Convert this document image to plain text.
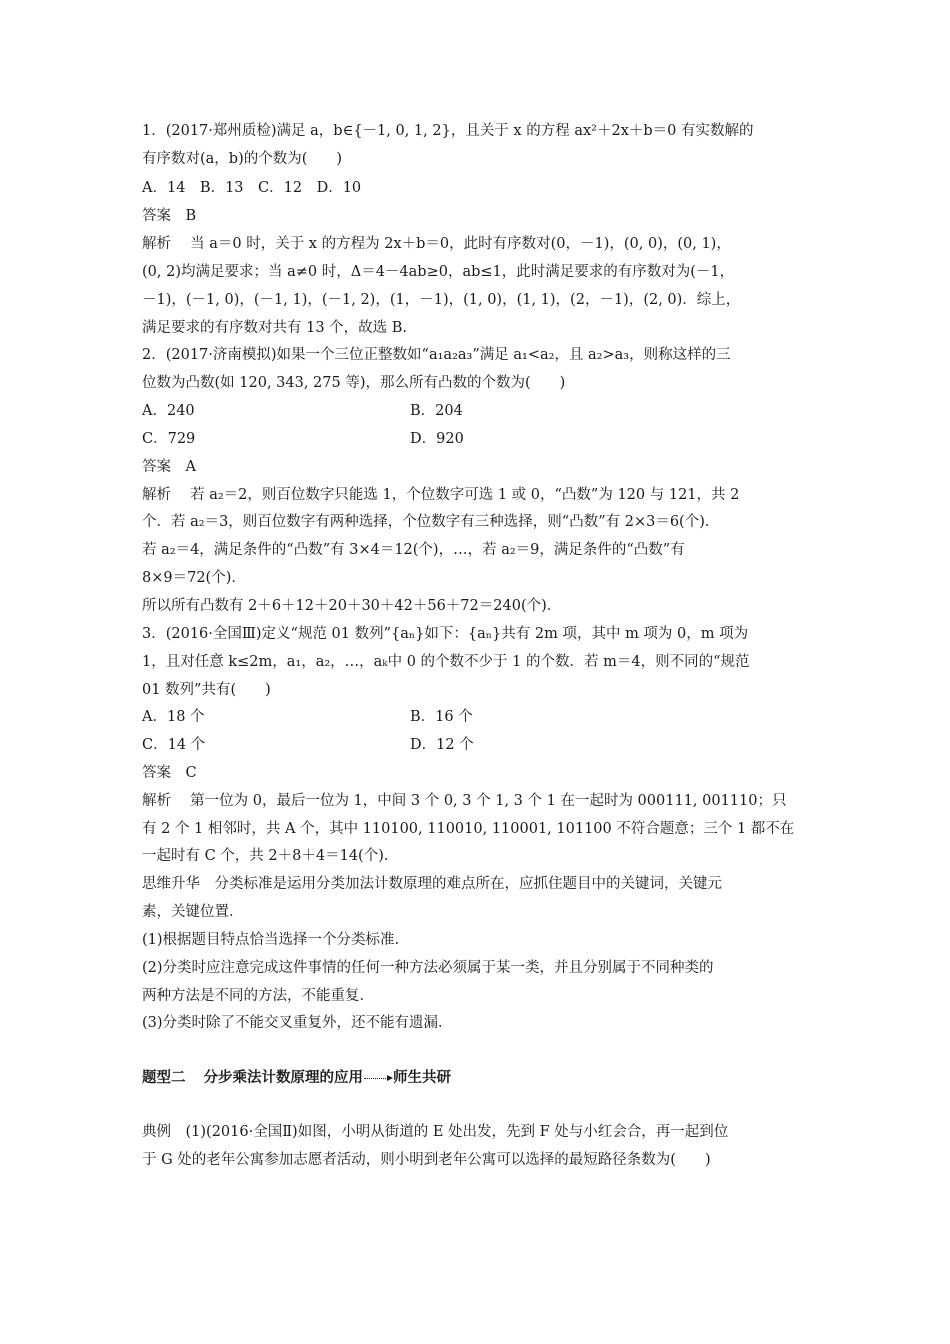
1．(2017·郑州质检)满足 a，b∈{－1, 0, 1, 2}，且关于 x 的方程 ax²＋2x＋b＝0 有实数解的
有序数对(a，b)的个数为(　　)
A．14　B．13　C．12　D．10
答案　B
解析　 当 a＝0 时，关于 x 的方程为 2x＋b＝0，此时有序数对(0，－1)，(0, 0)，(0, 1)，
(0, 2)均满足要求；当 a≠0 时，Δ＝4－4ab≥0，ab≤1，此时满足要求的有序数对为(－1，
－1)，(－1, 0)，(－1, 1)，(－1, 2)，(1，－1)，(1, 0)，(1, 1)，(2，－1)，(2, 0)．综上，
满足要求的有序数对共有 13 个，故选 B.
2．(2017·济南模拟)如果一个三位正整数如“a₁a₂a₃”满足 a₁<a₂，且 a₂>a₃，则称这样的三
位数为凸数(如 120, 343, 275 等)，那么所有凸数的个数为(　　)
A．240	B．204
C．729	D．920
答案　A
解析　 若 a₂＝2，则百位数字只能选 1，个位数字可选 1 或 0，“凸数”为 120 与 121，共 2
个．若 a₂＝3，则百位数字有两种选择，个位数字有三种选择，则“凸数”有 2×3＝6(个)．
若 a₂＝4，满足条件的“凸数”有 3×4＝12(个)，…，若 a₂＝9，满足条件的“凸数”有
8×9＝72(个)．
所以所有凸数有 2＋6＋12＋20＋30＋42＋56＋72＝240(个)．
3．(2016·全国Ⅲ)定义“规范 01 数列”{aₙ}如下：{aₙ}共有 2m 项，其中 m 项为 0，m 项为
1，且对任意 k≤2m，a₁，a₂，…，aₖ中 0 的个数不少于 1 的个数．若 m＝4，则不同的“规范
01 数列”共有(　　)
A．18 个	B．16 个
C．14 个	D．12 个
答案　C
解析　 第一位为 0，最后一位为 1，中间 3 个 0, 3 个 1, 3 个 1 在一起时为 000111, 001110；只
有 2 个 1 相邻时，共 A 个，其中 110100, 110010, 110001, 101100 不符合题意；三个 1 都不在
一起时有 C 个，共 2＋8＋4＝14(个)．
思维升华　分类标准是运用分类加法计数原理的难点所在，应抓住题目中的关键词，关键元
素，关键位置．
(1)根据题目特点恰当选择一个分类标准．
(2)分类时应注意完成这件事情的任何一种方法必须属于某一类，并且分别属于不同种类的
两种方法是不同的方法，不能重复．
(3)分类时除了不能交叉重复外，还不能有遗漏．
题型二 分步乘法计数原理的应用 师生共研
典例　(1)(2016·全国Ⅱ)如图，小明从街道的 E 处出发，先到 F 处与小红会合，再一起到位
于 G 处的老年公寓参加志愿者活动，则小明到老年公寓可以选择的最短路径条数为(　　)
